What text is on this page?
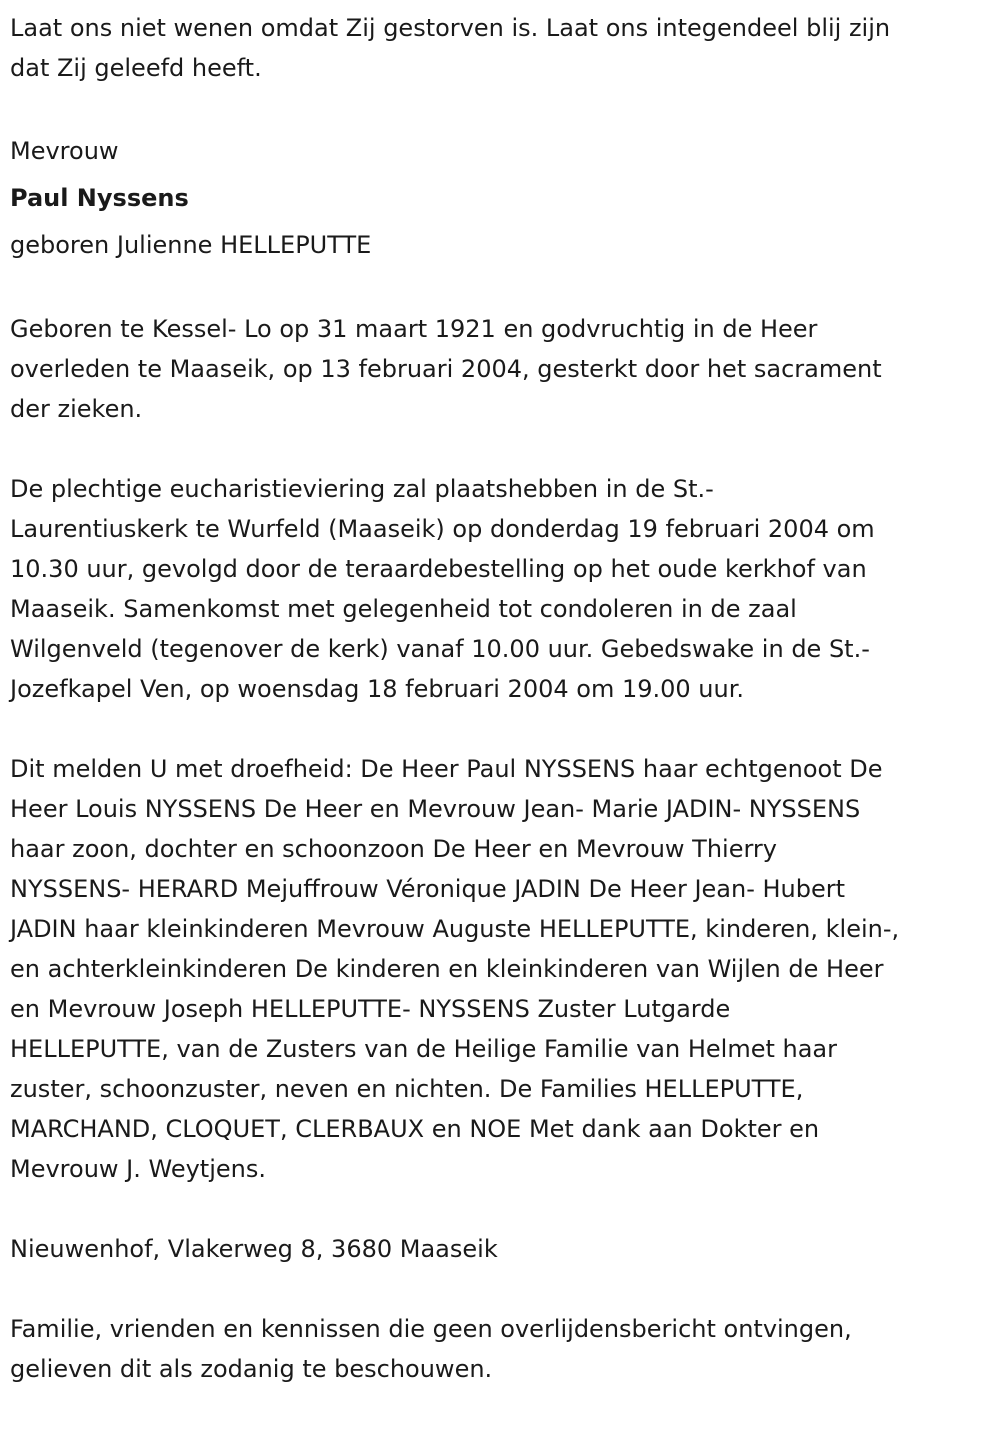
Laat ons niet wenen omdat Zij gestorven is. Laat ons integendeel blij zijn
dat Zij geleefd heeft.
Mevrouw
Paul Nyssens
geboren Julienne HELLEPUTTE
Geboren te Kessel- Lo op 31 maart 1921 en godvruchtig in de Heer
overleden te Maaseik, op 13 februari 2004, gesterkt door het sacrament
der zieken.
De plechtige eucharistieviering zal plaatshebben in de St.-
Laurentiuskerk te Wurfeld (Maaseik) op donderdag 19 februari 2004 om
10.30 uur, gevolgd door de teraardebestelling op het oude kerkhof van
Maaseik. Samenkomst met gelegenheid tot condoleren in de zaal
Wilgenveld (tegenover de kerk) vanaf 10.00 uur. Gebedswake in de St.-
Jozefkapel Ven, op woensdag 18 februari 2004 om 19.00 uur.
Dit melden U met droefheid: De Heer Paul NYSSENS haar echtgenoot De
Heer Louis NYSSENS De Heer en Mevrouw Jean- Marie JADIN- NYSSENS
haar zoon, dochter en schoonzoon De Heer en Mevrouw Thierry
NYSSENS- HERARD Mejuffrouw Véronique JADIN De Heer Jean- Hubert
JADIN haar kleinkinderen Mevrouw Auguste HELLEPUTTE, kinderen, klein-,
en achterkleinkinderen De kinderen en kleinkinderen van Wijlen de Heer
en Mevrouw Joseph HELLEPUTTE- NYSSENS Zuster Lutgarde
HELLEPUTTE, van de Zusters van de Heilige Familie van Helmet haar
zuster, schoonzuster, neven en nichten. De Families HELLEPUTTE,
MARCHAND, CLOQUET, CLERBAUX en NOE Met dank aan Dokter en
Mevrouw J. Weytjens.
Nieuwenhof, Vlakerweg 8, 3680 Maaseik
Familie, vrienden en kennissen die geen overlijdensbericht ontvingen,
gelieven dit als zodanig te beschouwen.
